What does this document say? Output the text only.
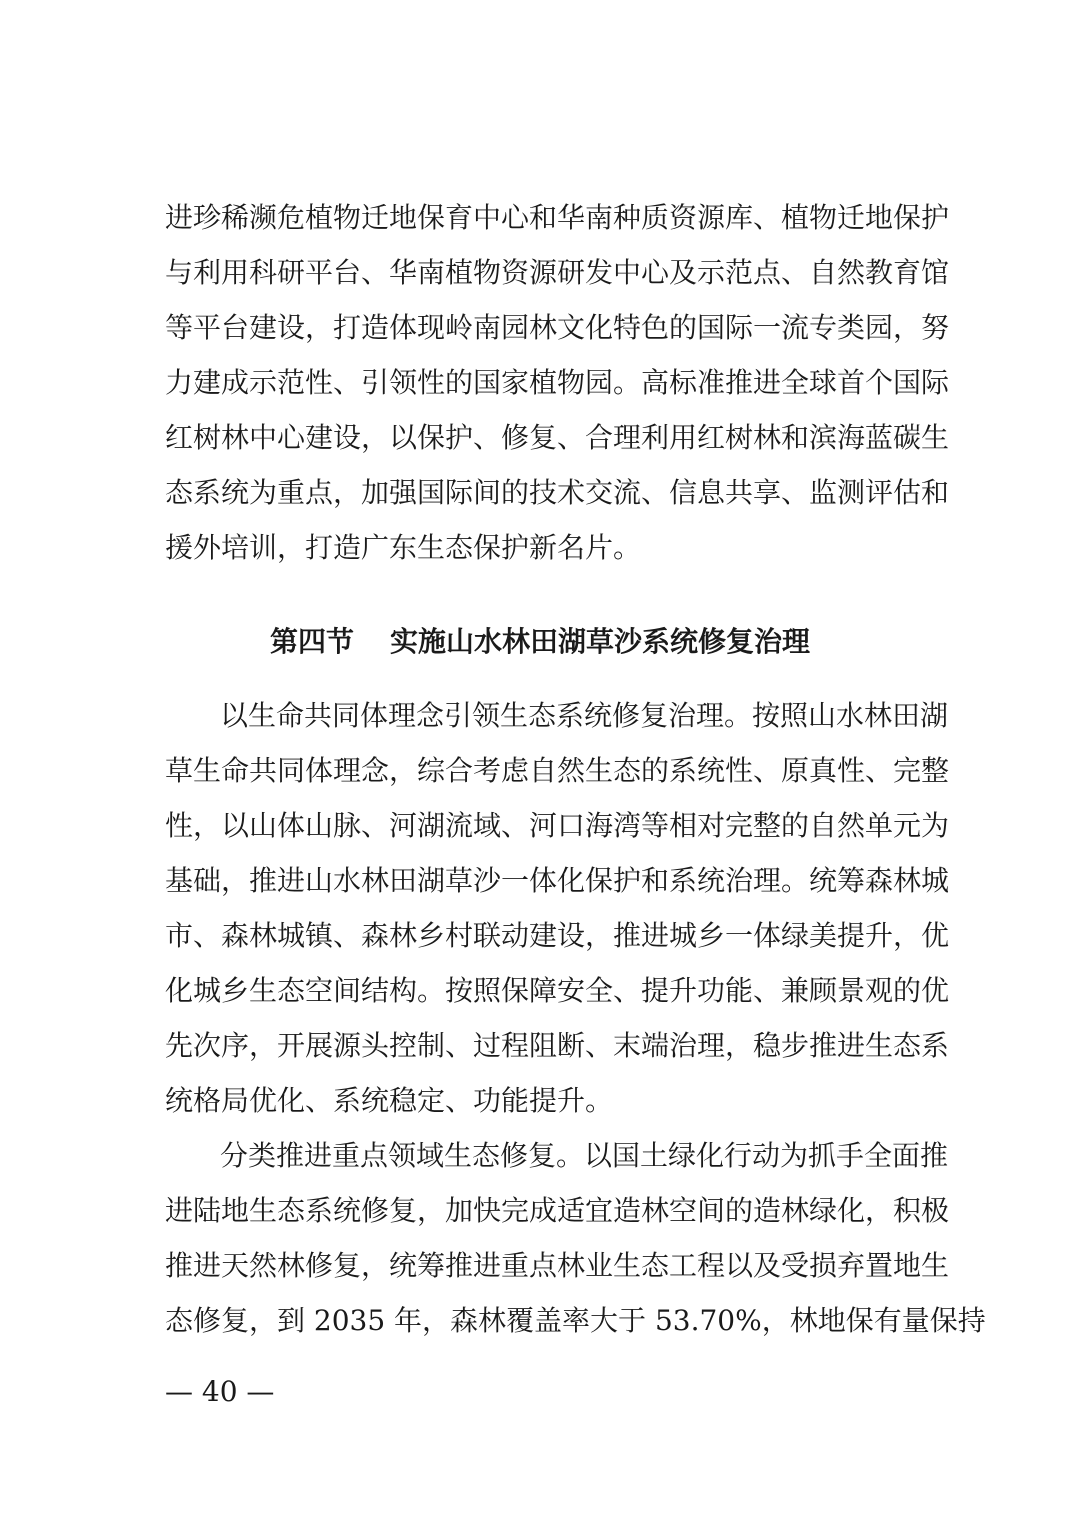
进珍稀濒危植物迁地保育中心和华南种质资源库、植物迁地保护
与利用科研平台、华南植物资源研发中心及示范点、自然教育馆
等平台建设，打造体现岭南园林文化特色的国际一流专类园，努
力建成示范性、引领性的国家植物园。高标准推进全球首个国际
红树林中心建设，以保护、修复、合理利用红树林和滨海蓝碳生
态系统为重点，加强国际间的技术交流、信息共享、监测评估和
援外培训，打造广东生态保护新名片。
第四节 实施山水林田湖草沙系统修复治理
以生命共同体理念引领生态系统修复治理。按照山水林田湖
草生命共同体理念，综合考虑自然生态的系统性、原真性、完整
性，以山体山脉、河湖流域、河口海湾等相对完整的自然单元为
基础，推进山水林田湖草沙一体化保护和系统治理。统筹森林城
市、森林城镇、森林乡村联动建设，推进城乡一体绿美提升，优
化城乡生态空间结构。按照保障安全、提升功能、兼顾景观的优
先次序，开展源头控制、过程阻断、末端治理，稳步推进生态系
统格局优化、系统稳定、功能提升。
分类推进重点领域生态修复。以国土绿化行动为抓手全面推
进陆地生态系统修复，加快完成适宜造林空间的造林绿化，积极
推进天然林修复，统筹推进重点林业生态工程以及受损弃置地生
态修复，到 2035 年，森林覆盖率大于 53.70%，林地保有量保持
— 40 —
